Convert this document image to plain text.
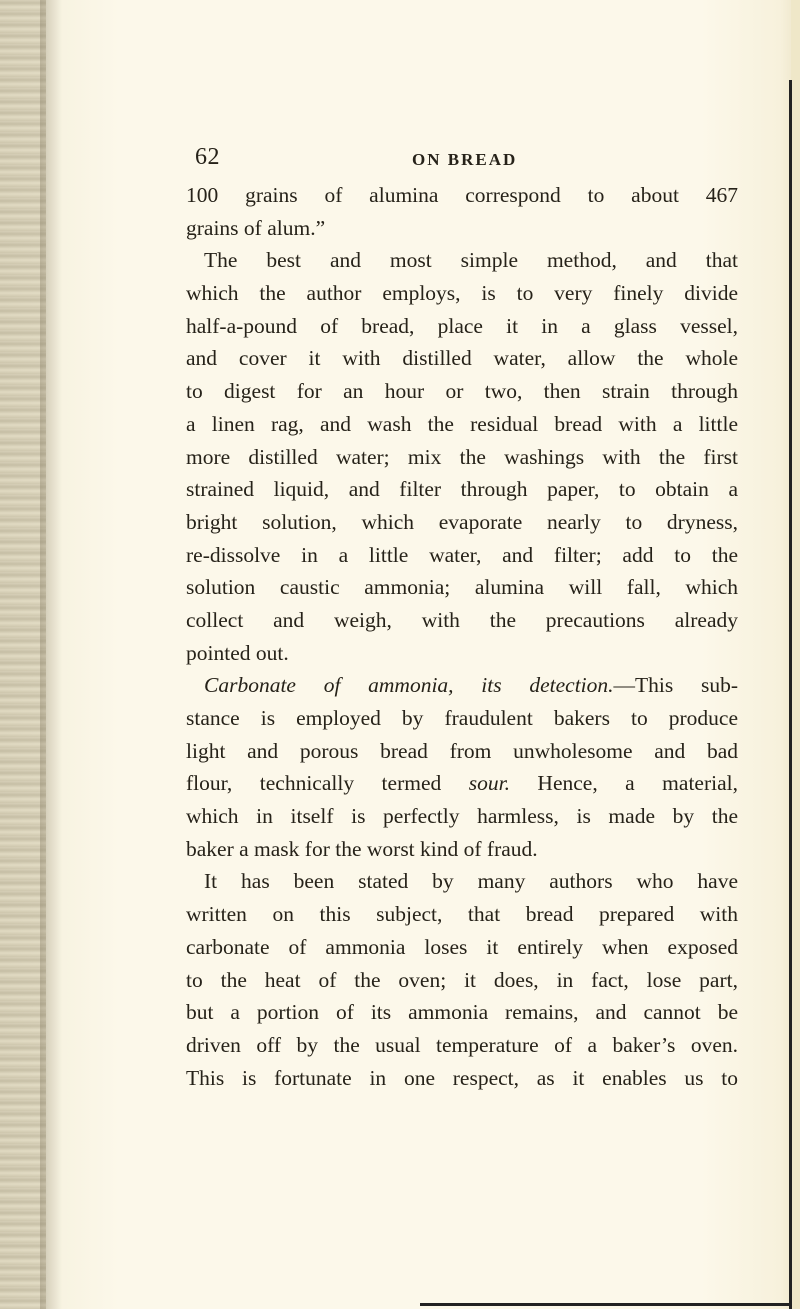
62	ON BREAD
100 grains of alumina correspond to about 467
grains of alum.”
The best and most simple method, and that
which the author employs, is to very finely divide
half-a-pound of bread, place it in a glass vessel,
and cover it with distilled water, allow the whole
to digest for an hour or two, then strain through
a linen rag, and wash the residual bread with a little
more distilled water; mix the washings with the first
strained liquid, and filter through paper, to obtain a
bright solution, which evaporate nearly to dryness,
re-dissolve in a little water, and filter; add to the
solution caustic ammonia; alumina will fall, which
collect and weigh, with the precautions already
pointed out.
Carbonate of ammonia, its detection.—This sub-
stance is employed by fraudulent bakers to produce
light and porous bread from unwholesome and bad
flour, technically termed sour. Hence, a material,
which in itself is perfectly harmless, is made by the
baker a mask for the worst kind of fraud.
It has been stated by many authors who have
written on this subject, that bread prepared with
carbonate of ammonia loses it entirely when exposed
to the heat of the oven; it does, in fact, lose part,
but a portion of its ammonia remains, and cannot be
driven off by the usual temperature of a baker’s oven.
This is fortunate in one respect, as it enables us to
